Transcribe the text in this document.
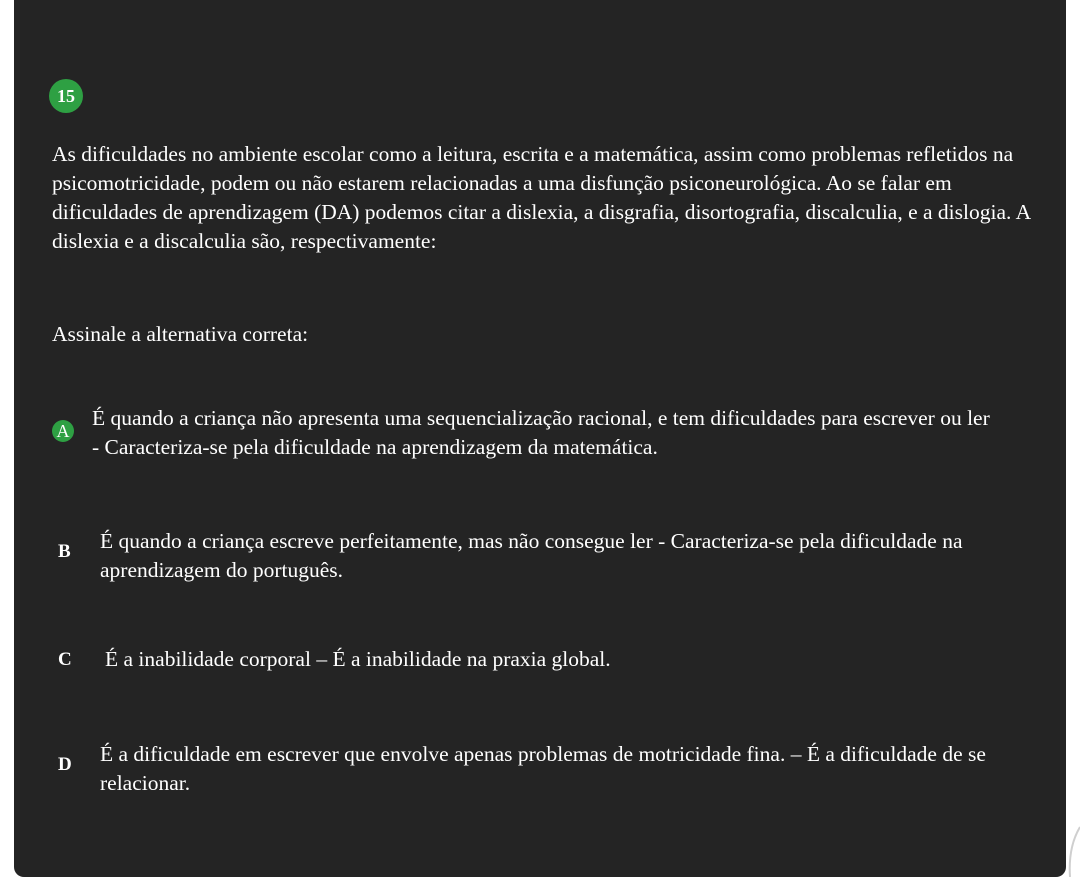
15
As dificuldades no ambiente escolar como a leitura, escrita e a matemática, assim como problemas refletidos na psicomotricidade, podem ou não estarem relacionadas a uma disfunção psiconeurológica. Ao se falar em dificuldades de aprendizagem (DA) podemos citar a dislexia, a disgrafia, disortografia, discalculia, e a dislogia. A dislexia e a discalculia são, respectivamente:
Assinale a alternativa correta:
A
É quando a criança não apresenta uma sequencialização racional, e tem dificuldades para escrever ou ler - Caracteriza-se pela dificuldade na aprendizagem da matemática.
B É quando a criança escreve perfeitamente, mas não consegue ler - Caracteriza-se pela dificuldade na aprendizagem do português.
C É a inabilidade corporal – É a inabilidade na praxia global.
D É a dificuldade em escrever que envolve apenas problemas de motricidade fina. – É a dificuldade de se relacionar.
